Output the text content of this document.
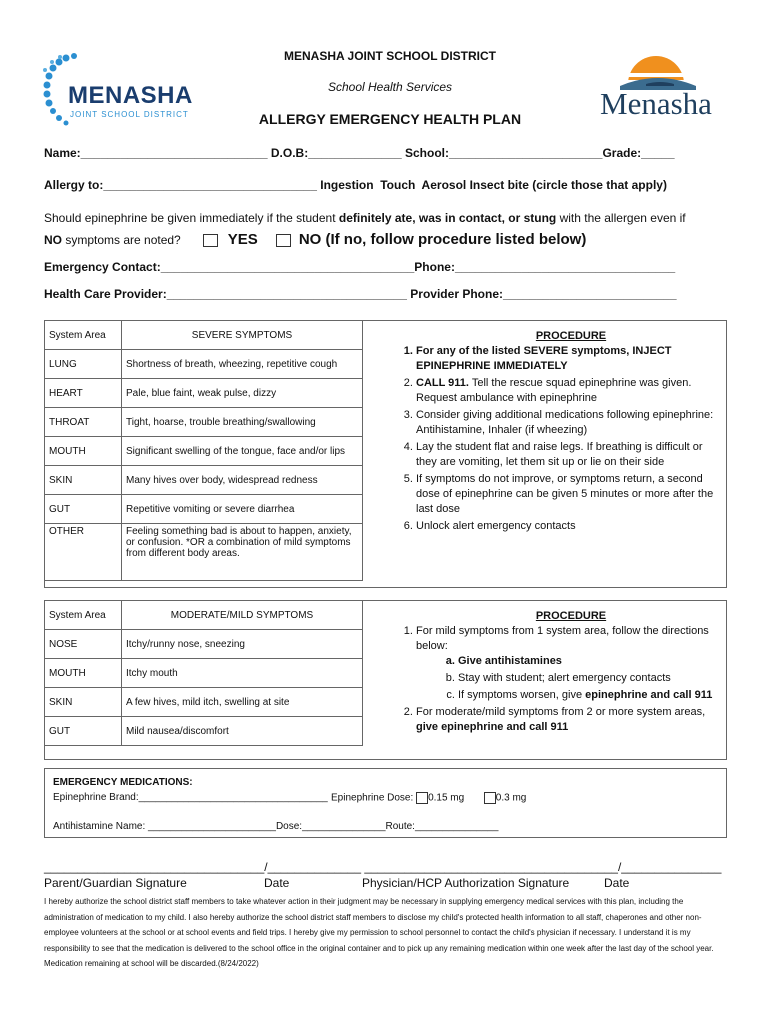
MENASHA
JOINT SCHOOL DISTRICT
MENASHA JOINT SCHOOL DISTRICT
School Health Services
ALLERGY EMERGENCY HEALTH PLAN	Menasha
Name:____________________________ D.O.B:______________ School:_______________________Grade:_____
Allergy to:________________________________ Ingestion  Touch  Aerosol Insect bite (circle those that apply)
Should epinephrine be given immediately if the student definitely ate, was in contact, or stung with the allergen even if
NO symptoms are noted?	YES	NO (If no, follow procedure listed below)
Emergency Contact:______________________________________Phone:_________________________________
Health Care Provider:____________________________________ Provider Phone:__________________________
System Area	SEVERE SYMPTOMS
LUNG	Shortness of breath, wheezing, repetitive cough
HEART	Pale, blue faint, weak pulse, dizzy
THROAT	Tight, hoarse, trouble breathing/swallowing
MOUTH	Significant swelling of the tongue, face and/or lips
SKIN	Many hives over body, widespread redness
GUT	Repetitive vomiting or severe diarrhea
OTHER	Feeling something bad is about to happen, anxiety, or confusion. *OR a combination of mild symptoms from different body areas.
PROCEDURE
1. For any of the listed SEVERE symptoms, INJECT EPINEPHRINE IMMEDIATELY
2. CALL 911. Tell the rescue squad epinephrine was given. Request ambulance with epinephrine
3. Consider giving additional medications following epinephrine: Antihistamine, Inhaler (if wheezing)
4. Lay the student flat and raise legs. If breathing is difficult or they are vomiting, let them sit up or lie on their side
5. If symptoms do not improve, or symptoms return, a second dose of epinephrine can be given 5 minutes or more after the last dose
6. Unlock alert emergency contacts
System Area	MODERATE/MILD SYMPTOMS
NOSE	Itchy/runny nose, sneezing
MOUTH	Itchy mouth
SKIN	A few hives, mild itch, swelling at site
GUT	Mild nausea/discomfort
PROCEDURE
1. For mild symptoms from 1 system area, follow the directions below:
a. Give antihistamines
b. Stay with student; alert emergency contacts
c. If symptoms worsen, give epinephrine and call 911
2. For moderate/mild symptoms from 2 or more system areas, give epinephrine and call 911
EMERGENCY MEDICATIONS:
Epinephrine Brand:__________________________________ Epinephrine Dose: 0.15 mg	0.3 mg
Antihistamine Name: _______________________Dose:_______________Route:_______________
_________________________________/______________ ______________________________________/_______________
Parent/Guardian Signature	Date	Physician/HCP Authorization Signature	Date
I hereby authorize the school district staff members to take whatever action in their judgment may be necessary in supplying emergency medical services with this plan, including the administration of medication to my child. I also hereby authorize the school district staff members to disclose my child's protected health information to all staff, chaperones and other non-employee volunteers at the school or at school events and field trips. I hereby give my permission to school personnel to contact the child's physician if necessary. I understand it is my responsibility to see that the medication is delivered to the school office in the original container and to pick up any remaining medication within one week after the last day of the school year. Medication remaining at school will be discarded.(8/24/2022)
